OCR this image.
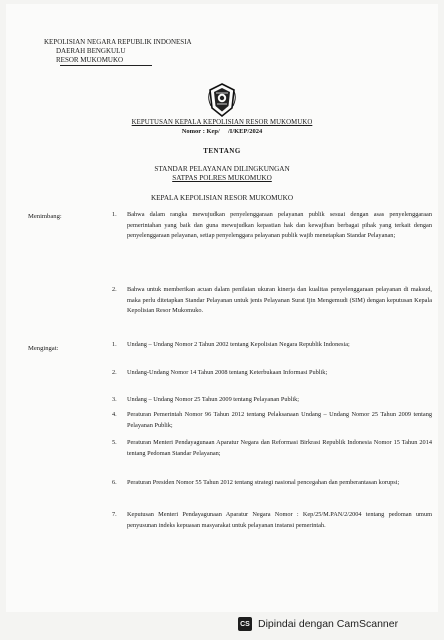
KEPOLISIAN NEGARA REPUBLIK INDONESIA
DAERAH BENGKULU
RESOR MUKOMUKO
KEPUTUSAN KEPALA KEPOLISIAN RESOR MUKOMUKO
Nomor : Kep/     /I/KEP/2024
TENTANG
STANDAR PELAYANAN DILINGKUNGAN
SATPAS POLRES MUKOMUKO
KEPALA KEPOLISIAN RESOR MUKOMUKO
Menimbang:	1. Bahwa dalam rangka mewujudkan penyelenggaraan pelayanan publik sesuai dengan asas penyelenggaraan pemerintahan yang baik dan guna mewujudkan kepastian hak dan kewajiban berbagai pihak yang terkait dengan penyelenggaraan pelayanan, setiap penyelenggara pelayanan publik wajib menetapkan Standar Pelayanan;
2. Bahwa untuk memberikan acuan dalam penilaian ukuran kinerja dan kualitas penyelenggaraan pelayanan di maksud, maka perlu ditetapkan Standar Pelayanan untuk jenis Pelayanan Surat Ijin Mengemudi (SIM) dengan keputusan Kepala Kepolisian Resor Mukomuko.
Mengingat:
1. Undang – Undang Nomor 2 Tahun 2002 tentang Kepolisian Negara Republik Indonesia;
2. Undang-Undang Nomor 14 Tahun 2008 tentang Keterbukaan Informasi Publik;
3. Undang – Undang Nomor 25 Tahun 2009 tentang Pelayanan Publik;
4. Peraturan Pemerintah Nomor 96 Tahun 2012 tentang Pelaksanaan Undang – Undang Nomor 25 Tahun 2009 tentang Pelayanan Publik;
5. Peraturan Menteri Pendayagunaan Aparatur Negara dan Reformasi Birkrasi Republik Indonesia Nomor 15 Tahun 2014 tentang Pedoman Standar Pelayanan;
6. Peraturan Presiden Nomor 55 Tahun 2012 tentang strategi nasional pencegahan dan pemberantasan korupsi;
7. Keputusan Menteri Pendayagunaan Aparatur Negara Nomor : Kep/25/M.PAN/2/2004 tentang pedoman umum penyusunan indeks kepuasan masyarakat untuk pelayanan instansi pemerintah.
CS Dipindai dengan CamScanner
